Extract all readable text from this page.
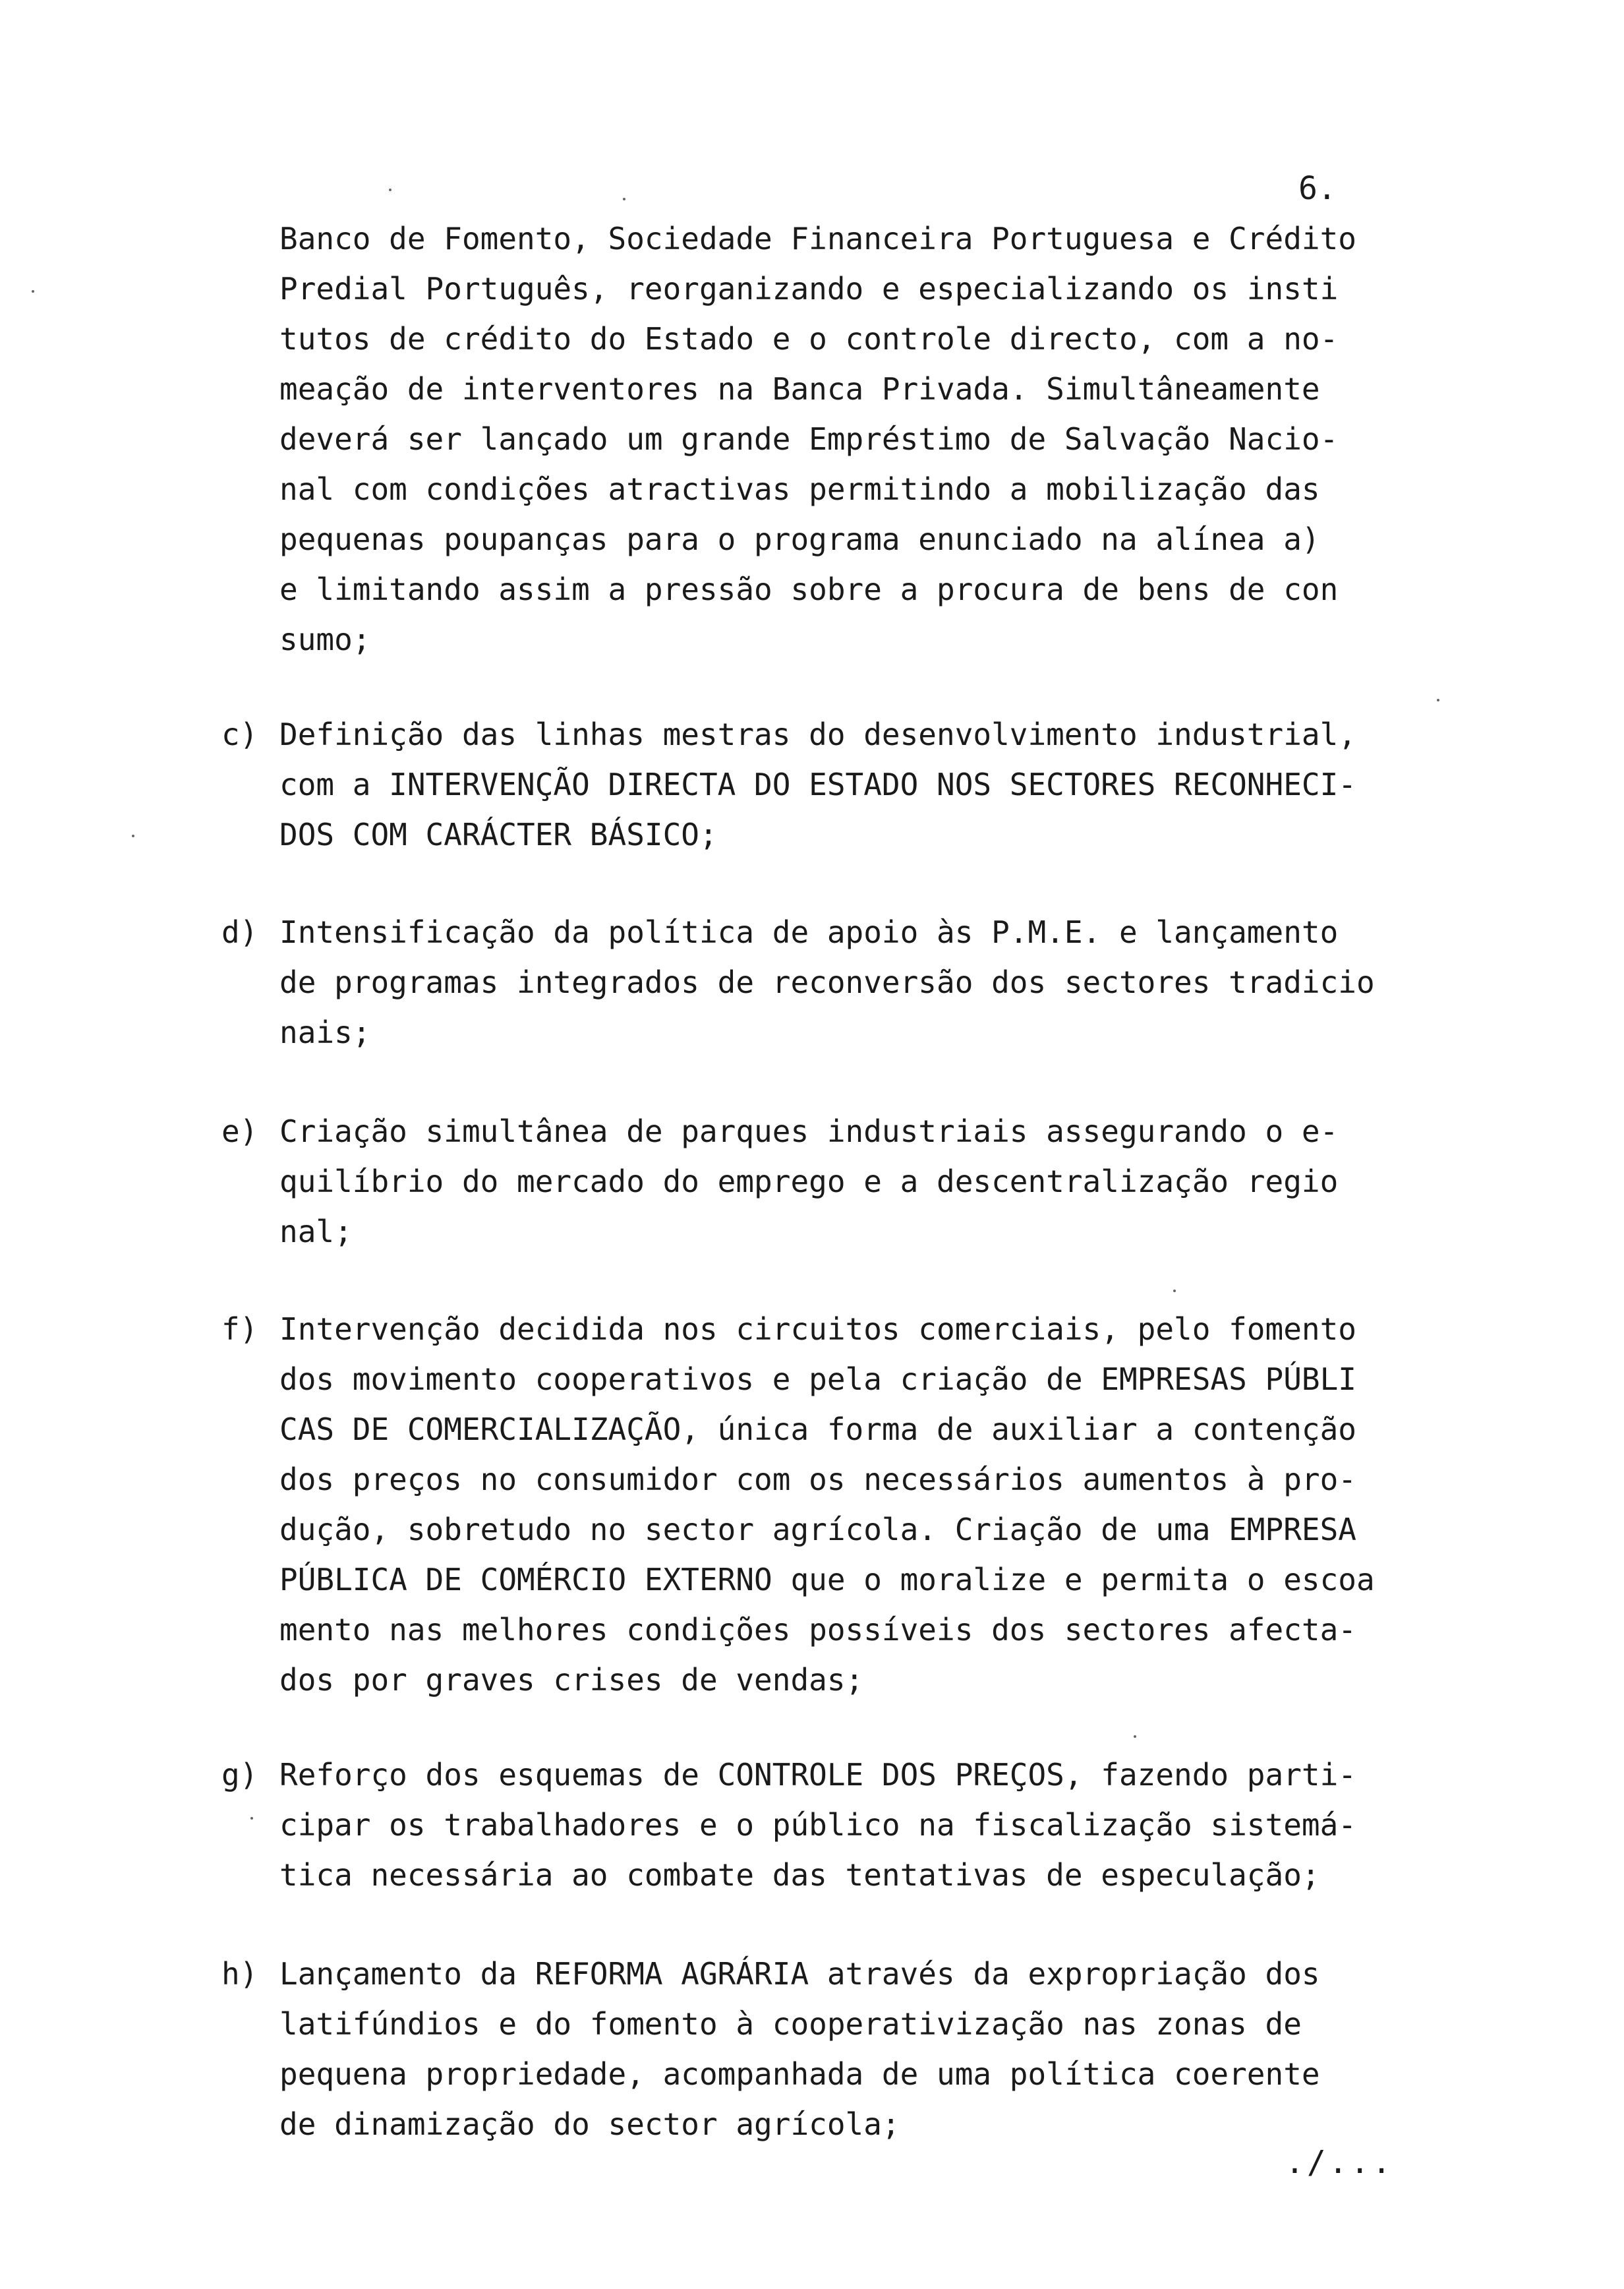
6.

Banco de Fomento, Sociedade Financeira Portuguesa e Crédito

Predial Português, reorganizando e especializando os insti

tutos de crédito do Estado e o controle directo, com a no-

meação de interventores na Banca Privada. Simultâneamente

deverá ser lançado um grande Empréstimo de Salvação Nacio-

nal com condições atractivas permitindo a mobilização das

pequenas poupanças para o programa enunciado na alínea a)

e limitando assim a pressão sobre a procura de bens de con

sumo;

c) Definição das linhas mestras do desenvolvimento industrial,

com a INTERVENÇÃO DIRECTA DO ESTADO NOS SECTORES RECONHECI-

DOS COM CARÁCTER BÁSICO;

d) Intensificação da política de apoio às P.M.E. e lançamento

de programas integrados de reconversão dos sectores tradicio

nais;

e) Criação simultânea de parques industriais assegurando o e-

quilíbrio do mercado do emprego e a descentralização regio

nal;

f) Intervenção decidida nos circuitos comerciais, pelo fomento

dos movimento cooperativos e pela criação de EMPRESAS PÚBLI

CAS DE COMERCIALIZAÇÃO, única forma de auxiliar a contenção

dos preços no consumidor com os necessários aumentos à pro-

dução, sobretudo no sector agrícola. Criação de uma EMPRESA

PÚBLICA DE COMÉRCIO EXTERNO que o moralize e permita o escoa

mento nas melhores condições possíveis dos sectores afecta-

dos por graves crises de vendas;

g) Reforço dos esquemas de CONTROLE DOS PREÇOS, fazendo parti-

cipar os trabalhadores e o público na fiscalização sistemá-

tica necessária ao combate das tentativas de especulação;

h) Lançamento da REFORMA AGRÁRIA através da expropriação dos

latifúndios e do fomento à cooperativização nas zonas de

pequena propriedade, acompanhada de uma política coerente

de dinamização do sector agrícola;

./...
